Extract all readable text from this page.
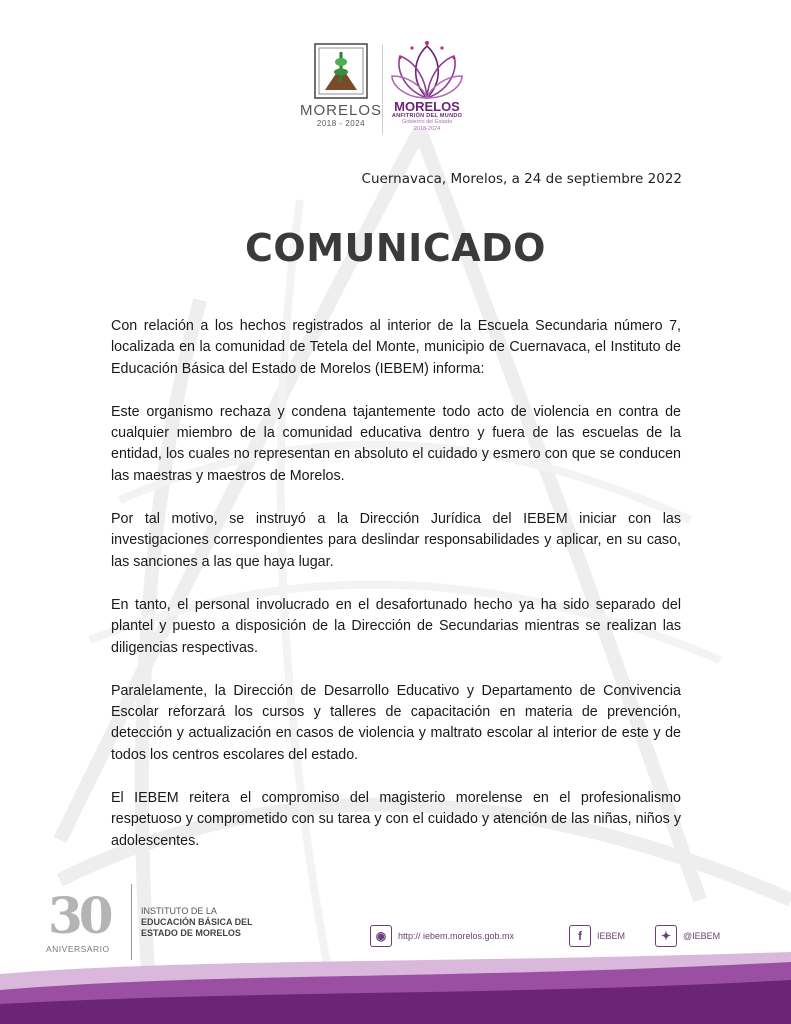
MORELOS
2018 - 2024
MORELOS
ANFITRIÓN DEL MUNDO
Gobierno del Estado
2018-2024
Cuernavaca, Morelos, a 24 de septiembre 2022
COMUNICADO

Con relación a los hechos registrados al interior de la Escuela Secundaria número 7, localizada en la comunidad de Tetela del Monte, municipio de Cuernavaca, el Instituto de Educación Básica del Estado de Morelos (IEBEM) informa:

Este organismo rechaza y condena tajantemente todo acto de violencia en contra de cualquier miembro de la comunidad educativa dentro y fuera de las escuelas de la entidad, los cuales no representan en absoluto el cuidado y esmero con que se conducen las maestras y maestros de Morelos.

Por tal motivo, se instruyó a la Dirección Jurídica del IEBEM iniciar con las investigaciones correspondientes para deslindar responsabilidades y aplicar, en su caso, las sanciones a las que haya lugar.

En tanto, el personal involucrado en el desafortunado hecho ya ha sido separado del plantel y puesto a disposición de la Dirección de Secundarias mientras se realizan las diligencias respectivas.

Paralelamente, la Dirección de Desarrollo Educativo y Departamento de Convivencia Escolar reforzará los cursos y talleres de capacitación en materia de prevención, detección y actualización en casos de violencia y maltrato escolar al interior de este y de todos los centros escolares del estado.

El IEBEM reitera el compromiso del magisterio morelense en el profesionalismo respetuoso y comprometido con su tarea y con el cuidado y atención de las niñas, niños y adolescentes.

30
ANIVERSARIO
INSTITUTO DE LA
EDUCACIÓN BÁSICA DEL
ESTADO DE MORELOS	◉	http:// iebem.morelos.gob.mx	f	IEBEM	✦	@IEBEM
